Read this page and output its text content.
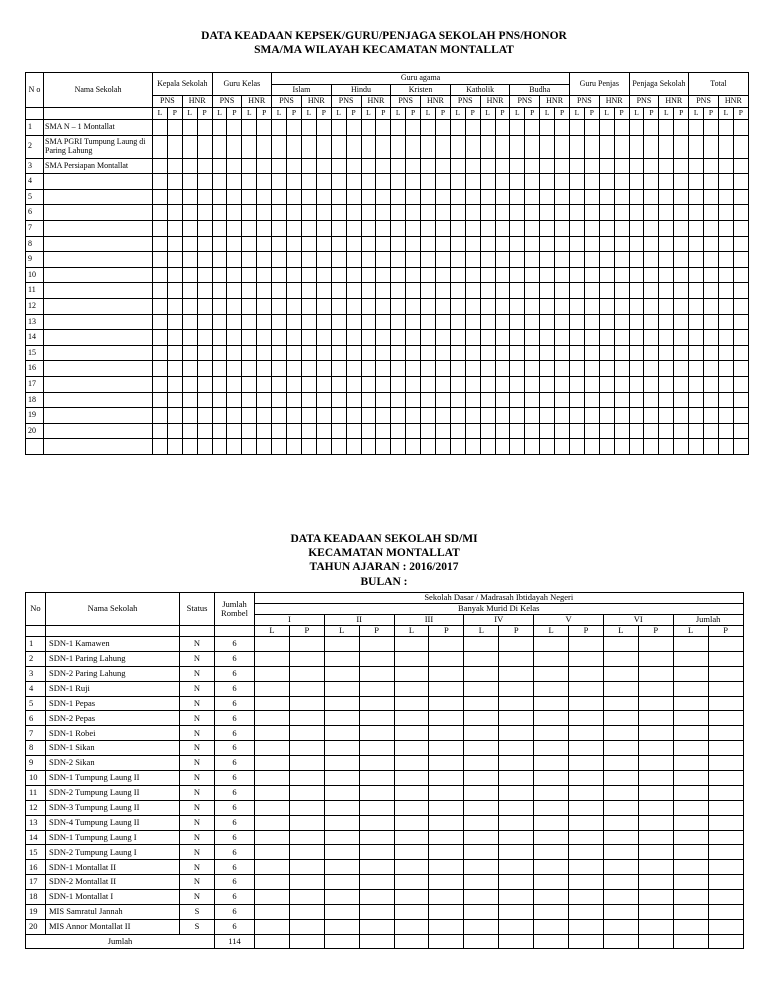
DATA KEADAAN KEPSEK/GURU/PENJAGA SEKOLAH PNS/HONOR
SMA/MA WILAYAH KECAMATAN MONTALLAT
N o	Nama Sekolah	Kepala Sekolah				Guru Kelas				Guru agama																				Guru Penjas				Penjaga Sekolah				Total			
										Islam				Hindu				Kristen				Katholik				Budha															
		PNS		HNR		PNS		HNR		PNS		HNR		PNS		HNR		PNS		HNR		PNS		HNR		PNS		HNR		PNS		HNR		PNS		HNR		PNS		HNR	
		L	P	L	P	L	P	L	P	L	P	L	P	L	P	L	P	L	P	L	P	L	P	L	P	L	P	L	P	L	P	L	P	L	P	L	P	L	P	L	P
1	SMA N – 1 Montallat																																								
2	SMA PGRI Tumpung Laung di Paring Lahung																																								
3	SMA Persiapan Montallat																																								
4																																									
5																																									
6																																									
7																																									
8																																									
9																																									
10																																									
11																																									
12																																									
13																																									
14																																									
15																																									
16																																									
17																																									
18																																									
19																																									
20																																									

DATA KEADAAN SEKOLAH SD/MI
KECAMATAN MONTALLAT
TAHUN AJARAN : 2016/2017
BULAN :
No	Nama Sekolah	Status	Jumlah Rombel	Sekolah Dasar / Madrasah Ibtidayah Negeri													
				Banyak Murid Di Kelas													
				I		II		III		IV		V		VI		Jumlah	
				L	P	L	P	L	P	L	P	L	P	L	P	L	P
1	SDN-1 Kamawen	N	6														
2	SDN-1 Paring Lahung	N	6														
3	SDN-2 Paring Lahung	N	6														
4	SDN-1 Ruji	N	6														
5	SDN-1 Pepas	N	6														
6	SDN-2 Pepas	N	6														
7	SDN-1 Robei	N	6														
8	SDN-1 Sikan	N	6														
9	SDN-2 Sikan	N	6														
10	SDN-1 Tumpung Laung II	N	6														
11	SDN-2 Tumpung Laung II	N	6														
12	SDN-3 Tumpung Laung II	N	6														
13	SDN-4 Tumpung Laung II	N	6														
14	SDN-1 Tumpung Laung I	N	6														
15	SDN-2 Tumpung Laung I	N	6														
16	SDN-1 Montallat II	N	6														
17	SDN-2 Montallat II	N	6														
18	SDN-1 Montallat I	N	6														
19	MIS Samratul Jannah	S	6														
20	MIS Annor Montallat II	S	6														
Jumlah			114														
